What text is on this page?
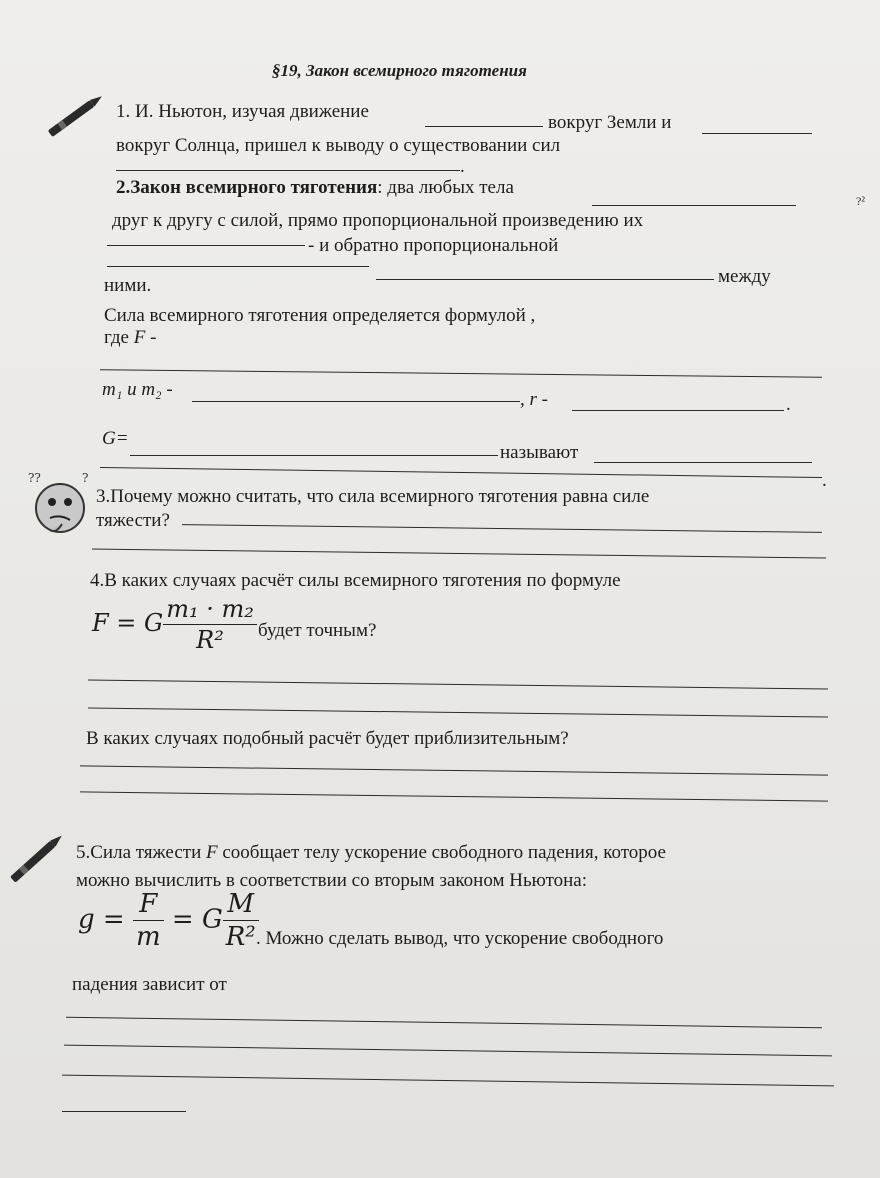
§19, Закон всемирного тяготения
1. И. Ньютон, изучая движение
вокруг Земли и
вокруг Солнца, пришел к выводу о существовании сил
.
2.Закон всемирного тяготения: два любых тела
друг к другу с силой, прямо пропорциональной произведению их
- и обратно пропорциональной
между
ними.
Сила всемирного тяготения определяется формулой ,
где F -
m₁ и m₂ -	, r -	.
G=
называют
.
?²
??	?
3.Почему можно считать, что сила всемирного тяготения равна силе
тяжести?
4.В каких случаях расчёт силы всемирного тяготения по формуле
F = G $\frac{\text{m₁ · m₂}}{\text{R²}}$ будет точным?
В каких случаях подобный расчёт будет приблизительным?
5.Сила тяжести F сообщает телу ускорение свободного падения, которое
можно вычислить в соответствии со вторым законом Ньютона:
$g = \frac{F}{m} = G \frac{M}{\text{R²}}$
. Можно сделать вывод, что ускорение свободного
падения зависит от
